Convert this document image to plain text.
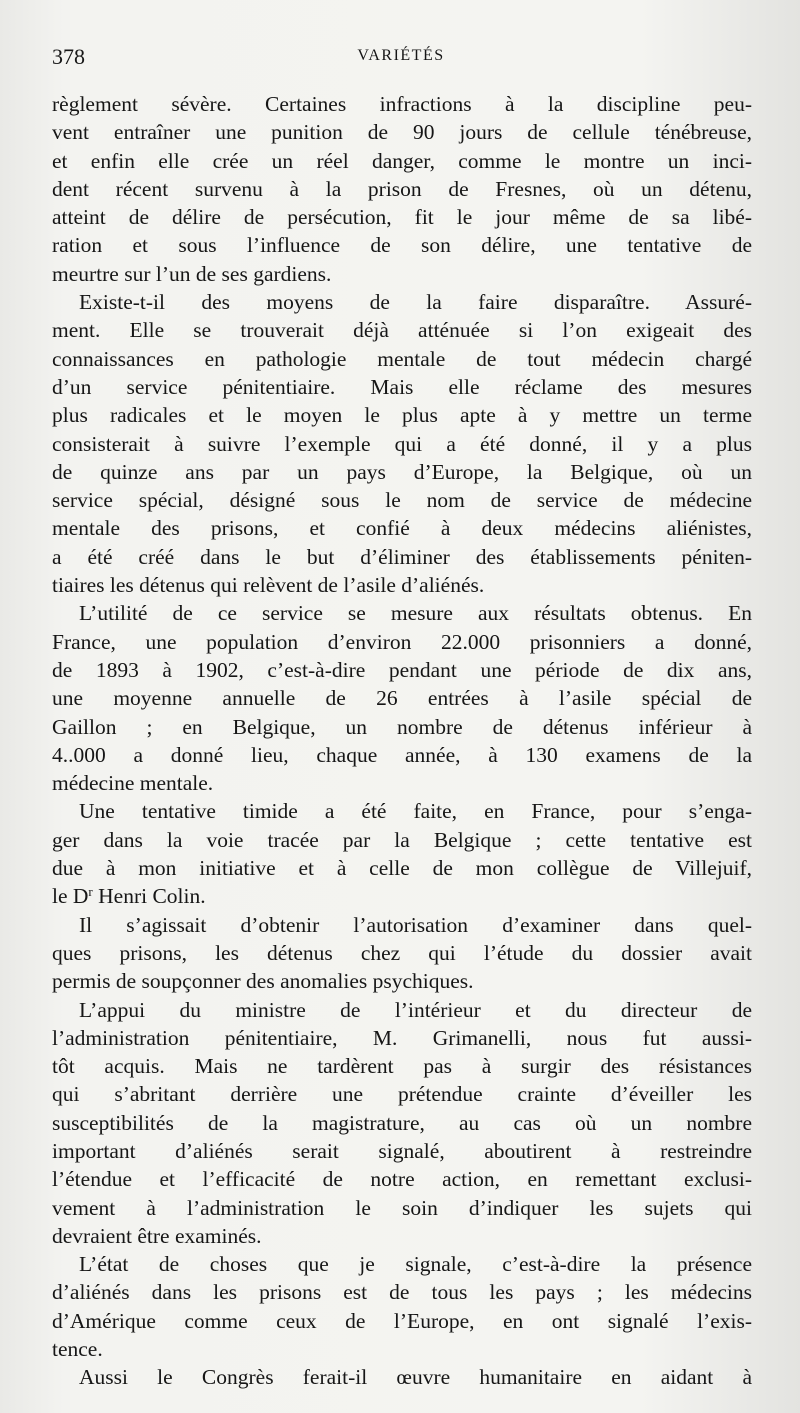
378	VARIÉTÉS
règlement sévère. Certaines infractions à la discipline peu-
vent entraîner une punition de 90 jours de cellule ténébreuse,
et enfin elle crée un réel danger, comme le montre un inci-
dent récent survenu à la prison de Fresnes, où un détenu,
atteint de délire de persécution, fit le jour même de sa libé-
ration et sous l’influence de son délire, une tentative de
meurtre sur l’un de ses gardiens.
Existe-t-il des moyens de la faire disparaître. Assuré-
ment. Elle se trouverait déjà atténuée si l’on exigeait des
connaissances en pathologie mentale de tout médecin chargé
d’un service pénitentiaire. Mais elle réclame des mesures
plus radicales et le moyen le plus apte à y mettre un terme
consisterait à suivre l’exemple qui a été donné, il y a plus
de quinze ans par un pays d’Europe, la Belgique, où un
service spécial, désigné sous le nom de service de médecine
mentale des prisons, et confié à deux médecins aliénistes,
a été créé dans le but d’éliminer des établissements péniten-
tiaires les détenus qui relèvent de l’asile d’aliénés.
L’utilité de ce service se mesure aux résultats obtenus. En
France, une population d’environ 22.000 prisonniers a donné,
de 1893 à 1902, c’est-à-dire pendant une période de dix ans,
une moyenne annuelle de 26 entrées à l’asile spécial de
Gaillon ; en Belgique, un nombre de détenus inférieur à
4..000 a donné lieu, chaque année, à 130 examens de la
médecine mentale.
Une tentative timide a été faite, en France, pour s’enga-
ger dans la voie tracée par la Belgique ; cette tentative est
due à mon initiative et à celle de mon collègue de Villejuif,
le $D^r$ Henri Colin.
Il s’agissait d’obtenir l’autorisation d’examiner dans quel-
ques prisons, les détenus chez qui l’étude du dossier avait
permis de soupçonner des anomalies psychiques.
L’appui du ministre de l’intérieur et du directeur de
l’administration pénitentiaire, M. Grimanelli, nous fut aussi-
tôt acquis. Mais ne tardèrent pas à surgir des résistances
qui s’abritant derrière une prétendue crainte d’éveiller les
susceptibilités de la magistrature, au cas où un nombre
important d’aliénés serait signalé, aboutirent à restreindre
l’étendue et l’efficacité de notre action, en remettant exclusi-
vement à l’administration le soin d’indiquer les sujets qui
devraient être examinés.
L’état de choses que je signale, c’est-à-dire la présence
d’aliénés dans les prisons est de tous les pays ; les médecins
d’Amérique comme ceux de l’Europe, en ont signalé l’exis-
tence.
Aussi le Congrès ferait-il œuvre humanitaire en aidant à
